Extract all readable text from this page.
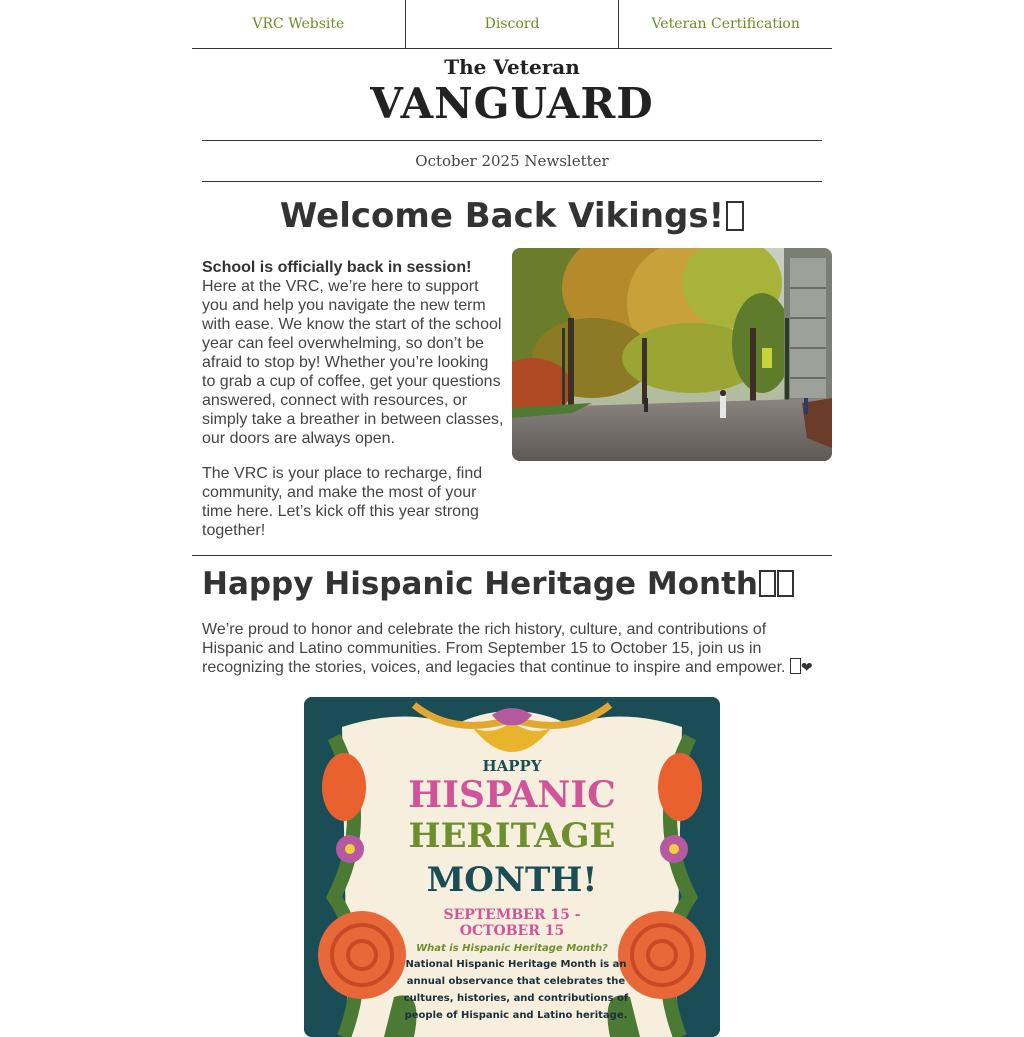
VRC Website	Discord	Veteran Certification
The Veteran
VANGUARD
October 2025 Newsletter
Welcome Back Vikings!

School is officially back in session!
Here at the VRC, we’re here to support you and help you navigate the new term with ease. We know the start of the school year can feel overwhelming, so don’t be afraid to stop by! Whether you’re looking to grab a cup of coffee, get your questions answered, connect with resources, or simply take a breather in between classes, our doors are always open.

The VRC is your place to recharge, find community, and make the most of your time here. Let’s kick off this year strong together!

Happy Hispanic Heritage Month
We’re proud to honor and celebrate the rich history, culture, and contributions of Hispanic and Latino communities. From September 15 to October 15, join us in recognizing the stories, voices, and legacies that continue to inspire and empower. ❤
HAPPY
HISPANIC
HERITAGE
MONTH!
SEPTEMBER 15 -
OCTOBER 15
What is Hispanic Heritage Month?
National Hispanic Heritage Month is an
annual observance that celebrates the
cultures, histories, and contributions of
people of Hispanic and Latino heritage.
